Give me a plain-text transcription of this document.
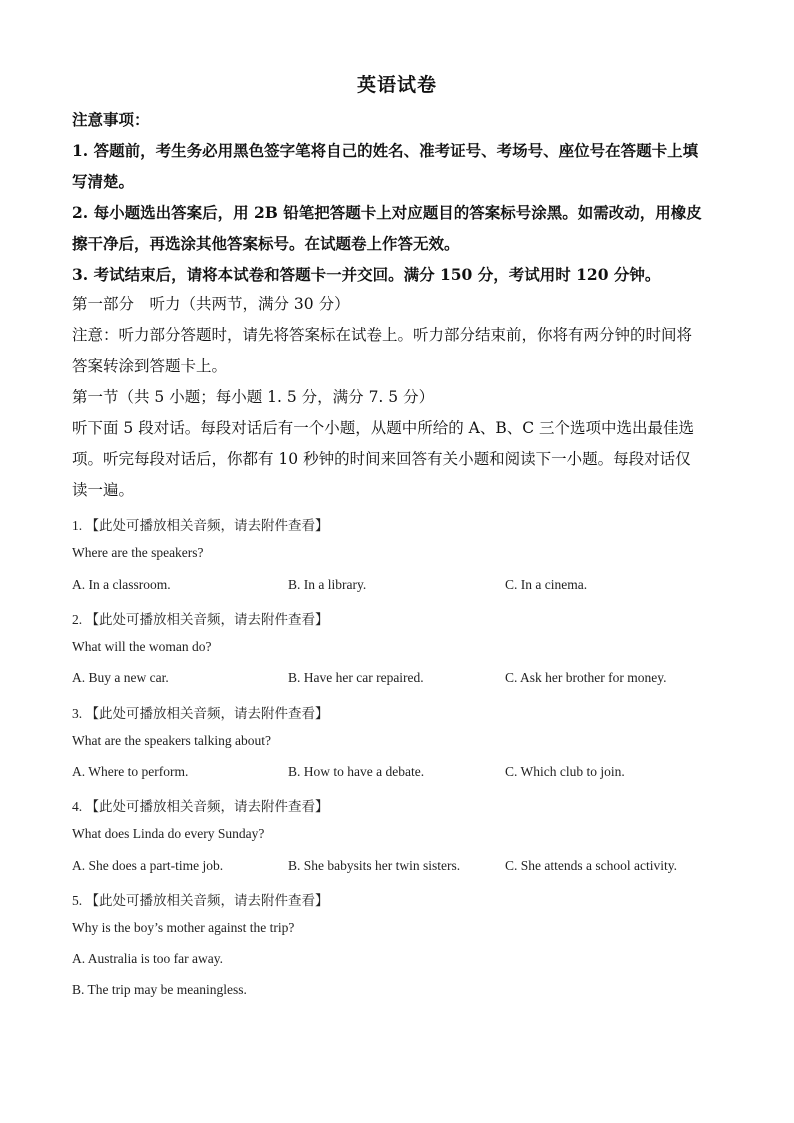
英语试卷
注意事项：
1. 答题前，考生务必用黑色签字笔将自己的姓名、准考证号、考场号、座位号在答题卡上填
写清楚。
2. 每小题选出答案后，用 2B 铅笔把答题卡上对应题目的答案标号涂黑。如需改动，用橡皮
擦干净后，再选涂其他答案标号。在试题卷上作答无效。
3. 考试结束后，请将本试卷和答题卡一并交回。满分 150 分，考试用时 120 分钟。
第一部分　听力（共两节，满分 30 分）
注意：听力部分答题时，请先将答案标在试卷上。听力部分结束前，你将有两分钟的时间将
答案转涂到答题卡上。
第一节（共 5 小题；每小题 1. 5 分，满分 7. 5 分）
听下面 5 段对话。每段对话后有一个小题，从题中所给的 A、B、C 三个选项中选出最佳选
项。听完每段对话后，你都有 10 秒钟的时间来回答有关小题和阅读下一小题。每段对话仅
读一遍。
1. 【此处可播放相关音频，请去附件查看】
Where are the speakers?
A. In a classroom.	B. In a library.	C. In a cinema.
2. 【此处可播放相关音频，请去附件查看】
What will the woman do?
A. Buy a new car.	B. Have her car repaired.	C. Ask her brother for money.
3. 【此处可播放相关音频，请去附件查看】
What are the speakers talking about?
A. Where to perform.	B. How to have a debate.	C. Which club to join.
4. 【此处可播放相关音频，请去附件查看】
What does Linda do every Sunday?
A. She does a part-time job.	B. She babysits her twin sisters.	C. She attends a school activity.
5. 【此处可播放相关音频，请去附件查看】
Why is the boy’s mother against the trip?
A. Australia is too far away.
B. The trip may be meaningless.
